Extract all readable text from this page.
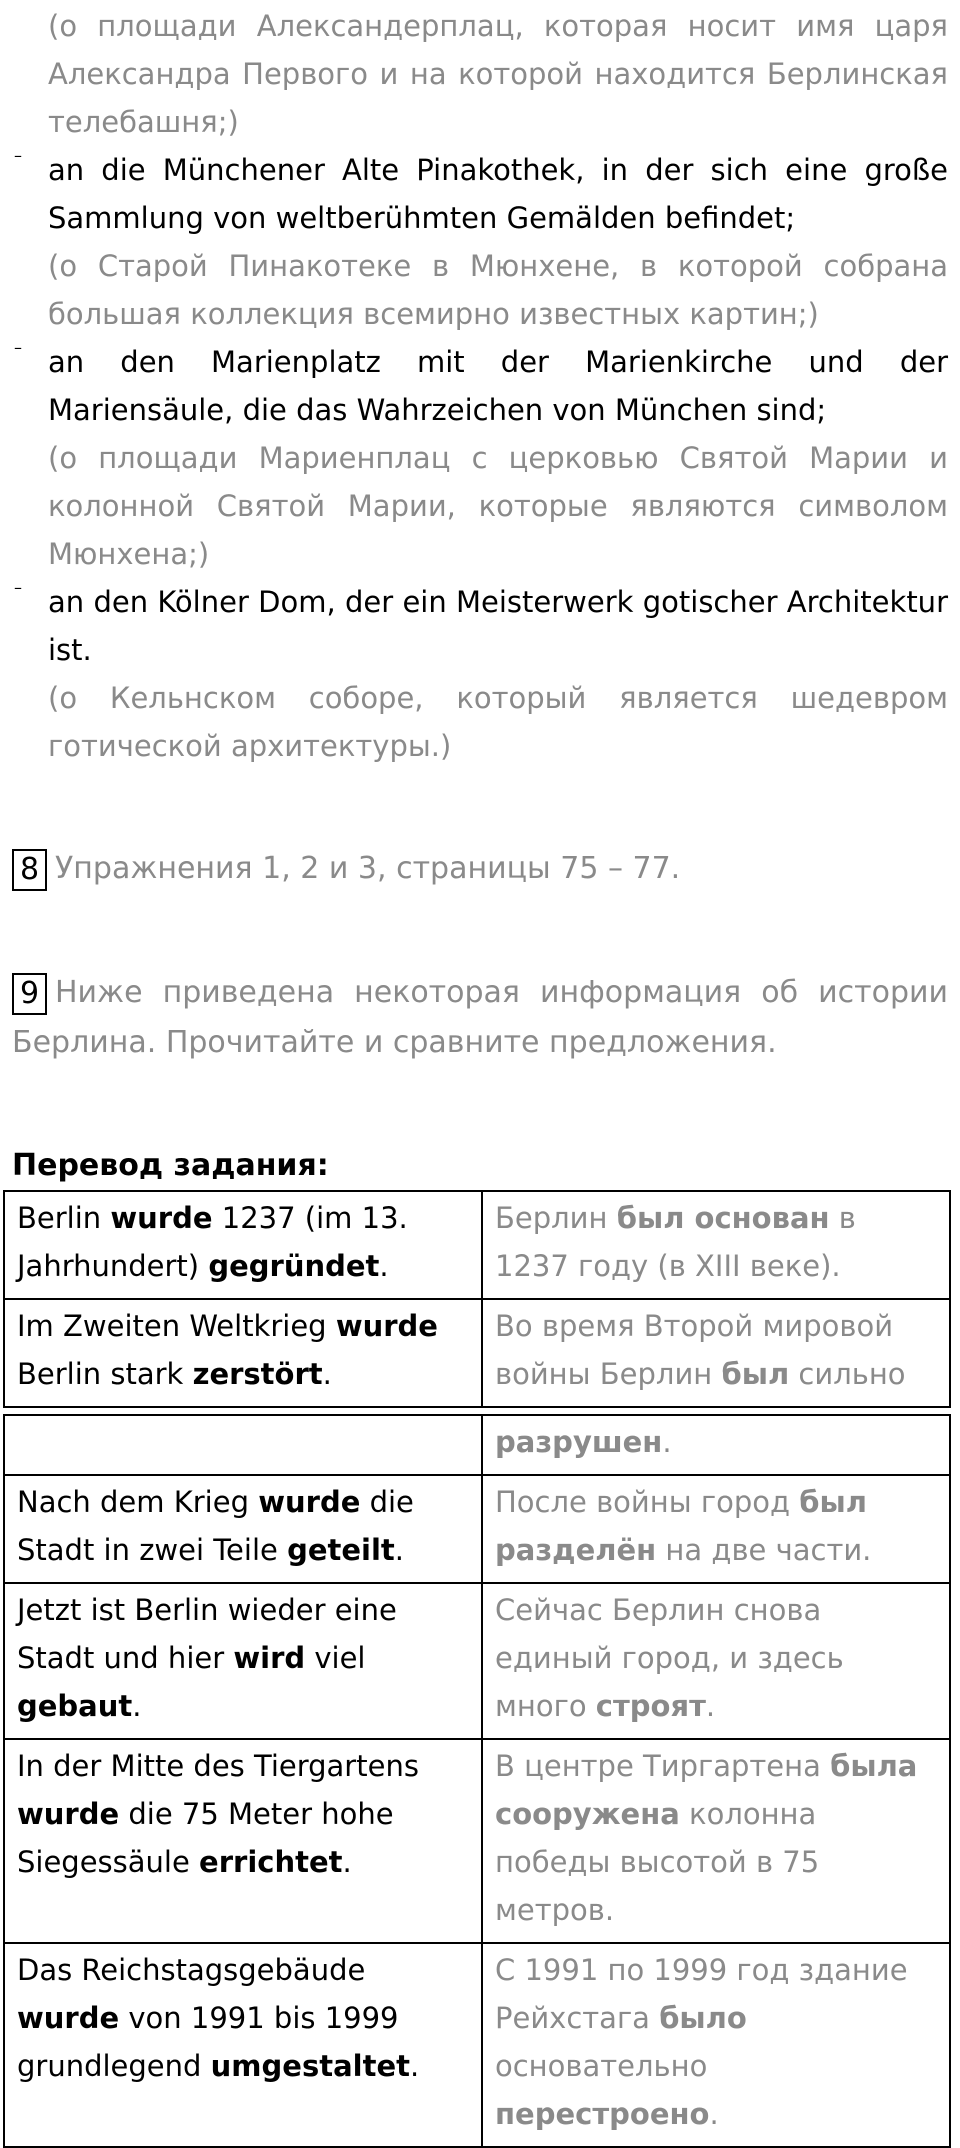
(о площади Александерплац, которая носит имя царя Александра Первого и на которой находится Берлинская телебашня;)

– an die Münchener Alte Pinakothek, in der sich eine große Sammlung von weltberühmten Gemälden befindet;

(о Старой Пинакотеке в Мюнхене, в которой собрана большая коллекция всемирно известных картин;)

– an den Marienplatz mit der Marienkirche und der Mariensäule, die das Wahrzeichen von München sind;

(о площади Мариенплац с церковью Святой Марии и колонной Святой Марии, которые являются символом Мюнхена;)

– an den Kölner Dom, der ein Meisterwerk gotischer Architektur ist.

(о Кельнском соборе, который является шедевром готической архитектуры.)

8 Упражнения 1, 2 и 3, страницы 75 – 77.

9 Ниже приведена некоторая информация об истории Берлина. Прочитайте и сравните предложения.

Перевод задания:

Berlin wurde 1237 (im 13. Jahrhundert) gegründet.	Берлин был основан в 1237 году (в XIII веке).
Im Zweiten Weltkrieg wurde Berlin stark zerstört.	Во время Второй мировой войны Берлин был сильно
	разрушен.
Nach dem Krieg wurde die Stadt in zwei Teile geteilt.	После войны город был разделён на две части.
Jetzt ist Berlin wieder eine Stadt und hier wird viel gebaut.	Сейчас Берлин снова единый город, и здесь много строят.
In der Mitte des Tiergartens wurde die 75 Meter hohe Siegessäule errichtet.	В центре Тиргартена была сооружена колонна победы высотой в 75 метров.
Das Reichstagsgebäude wurde von 1991 bis 1999 grundlegend umgestaltet.	С 1991 по 1999 год здание Рейхстага было основательно перестроено.
